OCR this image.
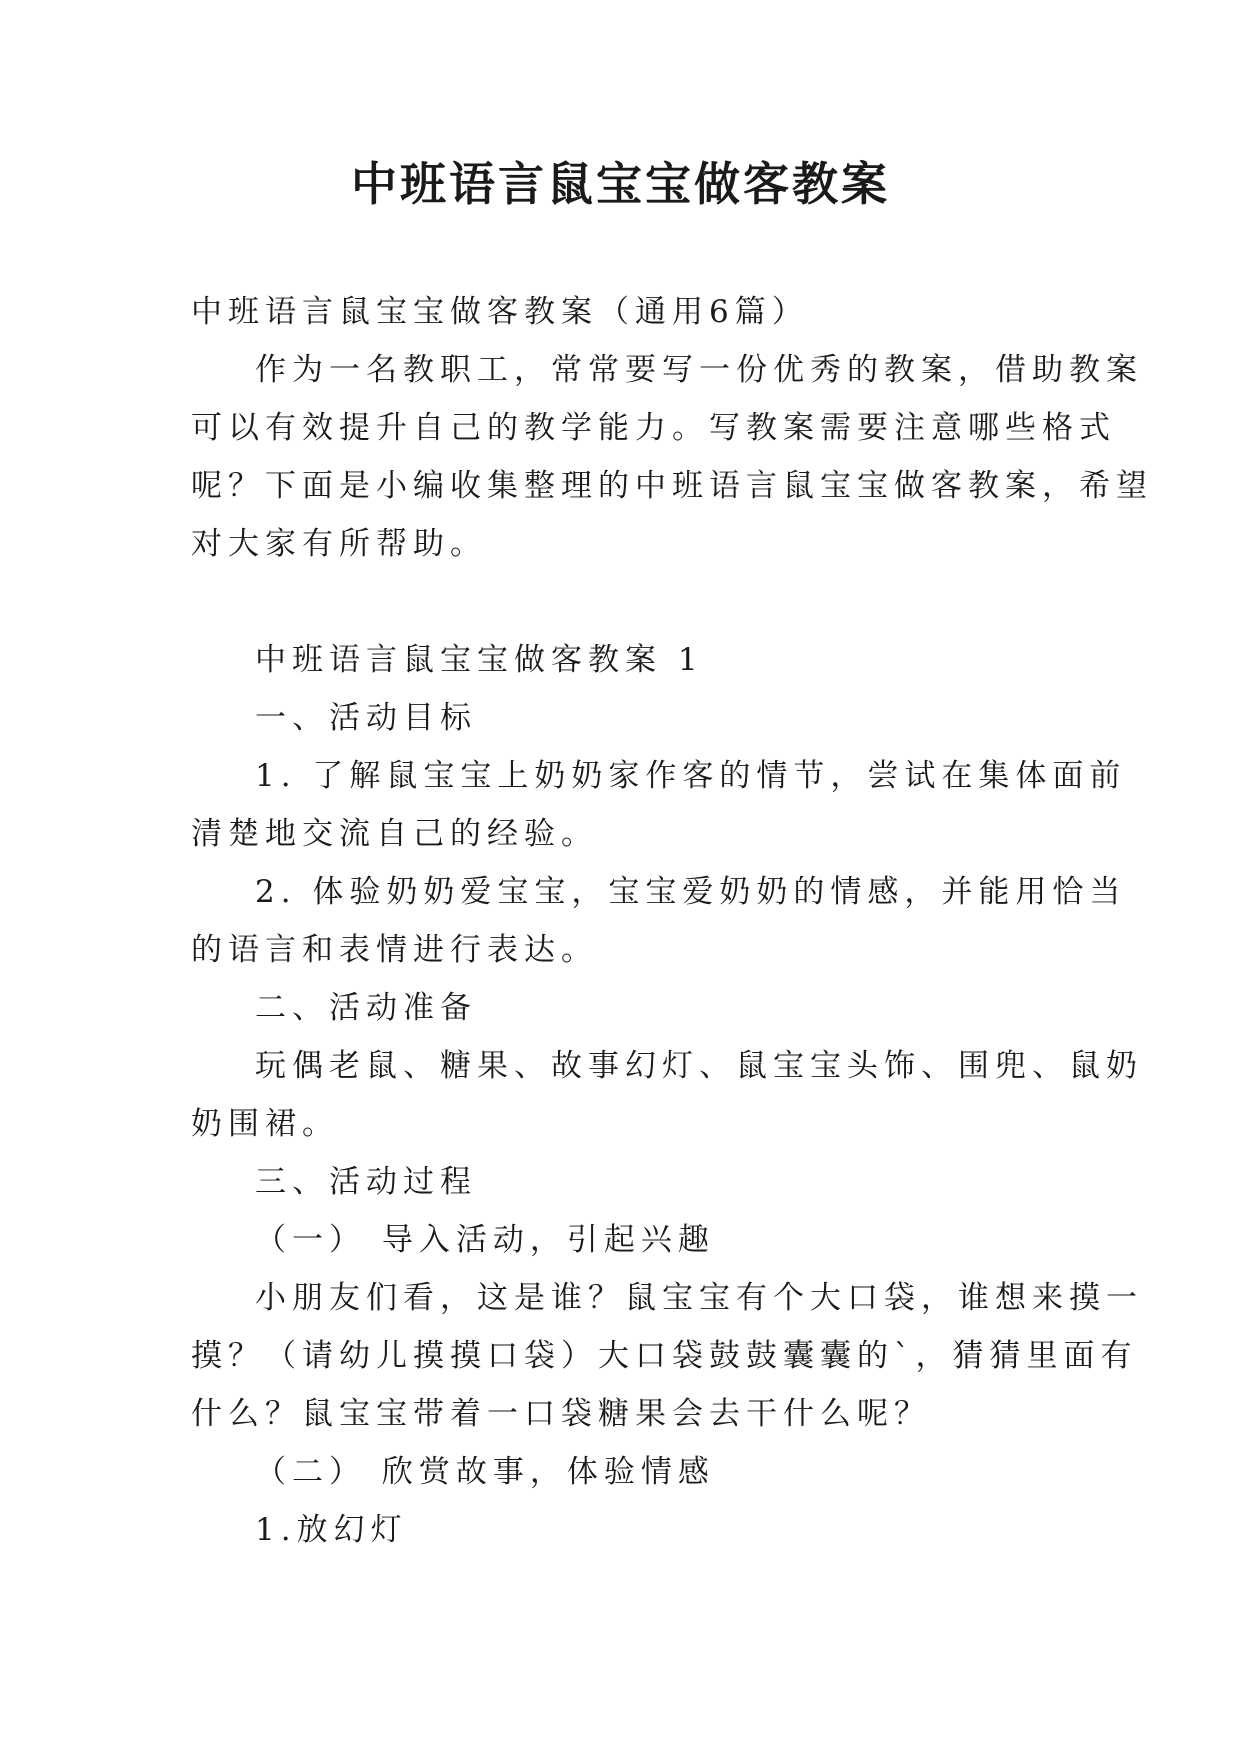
中班语言鼠宝宝做客教案
中班语言鼠宝宝做客教案（通用6篇）
作为一名教职工，常常要写一份优秀的教案，借助教案
可以有效提升自己的教学能力。写教案需要注意哪些格式
呢？下面是小编收集整理的中班语言鼠宝宝做客教案，希望
对大家有所帮助。
中班语言鼠宝宝做客教案 1
一、活动目标
1. 了解鼠宝宝上奶奶家作客的情节，尝试在集体面前
清楚地交流自己的经验。
2. 体验奶奶爱宝宝，宝宝爱奶奶的情感，并能用恰当
的语言和表情进行表达。
二、活动准备
玩偶老鼠、糖果、故事幻灯、鼠宝宝头饰、围兜、鼠奶
奶围裙。
三、活动过程
（一） 导入活动，引起兴趣
小朋友们看，这是谁？鼠宝宝有个大口袋，谁想来摸一
摸？（请幼儿摸摸口袋）大口袋鼓鼓囊囊的`，猜猜里面有
什么？鼠宝宝带着一口袋糖果会去干什么呢？
（二） 欣赏故事，体验情感
1.放幻灯
